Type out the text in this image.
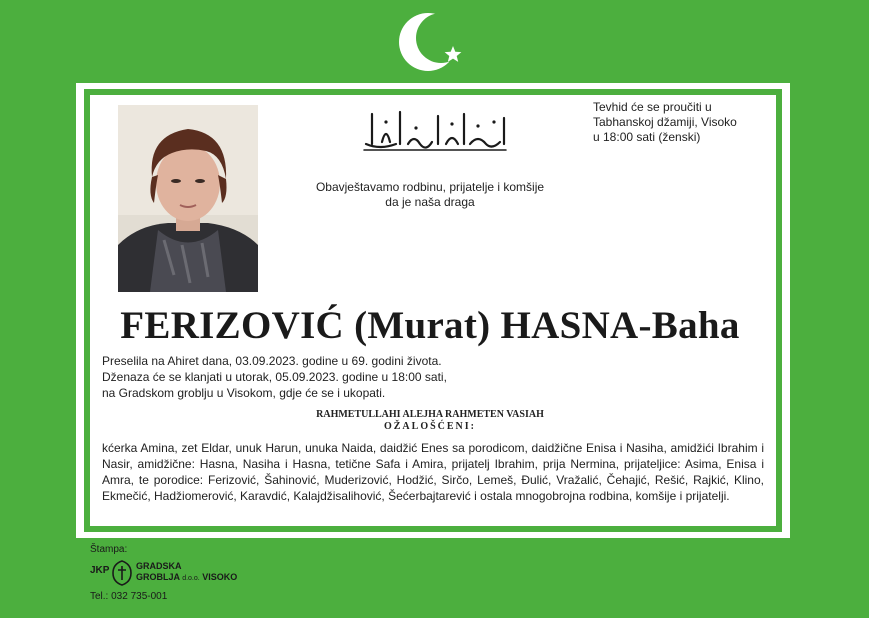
Obavještavamo rodbinu, prijatelje i komšije
da je naša draga
Tevhid će se proučiti u
Tabhanskoj džamiji, Visoko
u 18:00 sati (ženski)
FERIZOVIĆ (Murat) HASNA-Baha
Preselila na Ahiret dana, 03.09.2023. godine u 69. godini života.
Dženaza će se klanjati u utorak, 05.09.2023. godine u 18:00 sati,
na Gradskom groblju u Visokom, gdje će se i ukopati.
RAHMETULLAHI ALEJHA RAHMETEN VASIAH
OŽALOŠĆENI:
kćerka Amina, zet Eldar, unuk Harun, unuka Naida, daidžić Enes sa porodicom, daidžične Enisa i Nasiha, amidžići Ibrahim i Nasir, amidžične: Hasna, Nasiha i Hasna, tetične Safa i Amira, prijatelj Ibrahim, prija Nermina, prijateljice: Asima, Enisa i Amra, te porodice: Ferizović, Šahinović, Muderizović, Hodžić, Sirčo, Lemeš, Đulić, Vražalić, Čehajić, Rešić, Rajkić, Klino, Ekmečić, Hadžiomerović, Karavdić, Kalajdžisalihović, Šećerbajtarević i ostala mnogobrojna rodbina, komšije i prijatelji.
Štampa:
JKP	GRADSKA
GROBLJA d.o.o. VISOKO
Tel.: 032 735-001
